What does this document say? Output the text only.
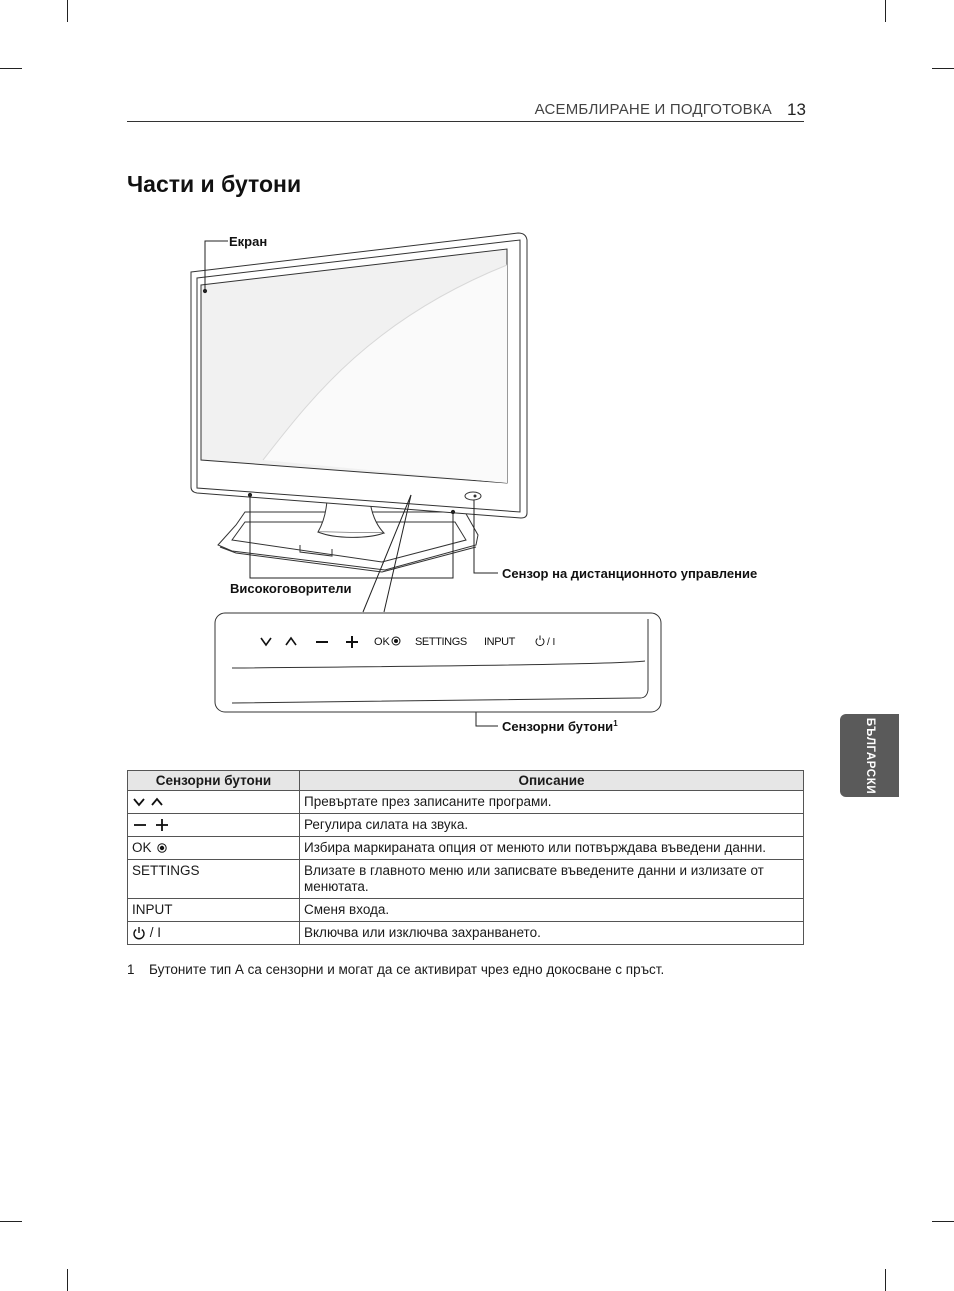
АСЕМБЛИРАНЕ И ПОДГОТОВКА 13
Части и бутони
БЪЛГАРСКИ
OK SETTINGS INPUT	/ I
Екран
Високоговорители
Сензор на дистанционното управление
Сензорни бутони$^1$
Сензорни бутони	Описание
	Превъртате през записаните програми.
	Регулира силата на звука.
OK	Избира маркираната опция от менюто или потвърждава въведени данни.
SETTINGS	Влизате в главното меню или записвате въведените данни и излизате от менютата.
INPUT	Сменя входа.
/ I	Включва или изключва захранването.
1 Бутоните тип А са сензорни и могат да се активират чрез едно докосване с пръст.
